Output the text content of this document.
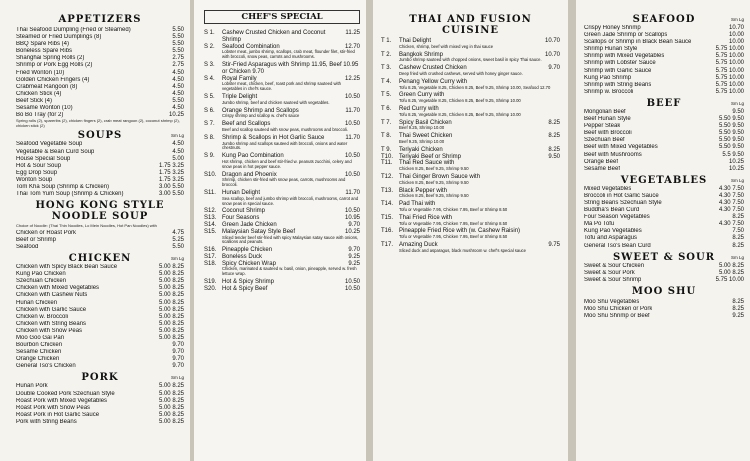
APPETIZERS
Thai Seafood Dumpling (Fried or Steamed)	5.50
Steamed or Fried Dumplings (8)	5.50
BBQ Spare Ribs (4)	5.50
Boneless Spare Ribs	5.50
Shanghai Spring Rolls (2)	2.75
Shrimp or Pork Egg Rolls (2)	2.75
Fried Wonton (10)	4.50
Golden Chicken Fingers (4)	4.50
Crabmeat Rangoon (8)	4.50
Chicken Stick (4)	4.50
Beef Stick (4)	5.50
Sesame Wonton (10)	4.50
Bo Bo Tray (for 2)	10.25
Spring rolls (2), spareribs (2), chicken fingers (2), crab meat rangoon (2), coconut shrimp (2), chicken stick (2)
SOUPS	Sm Lg
Seafood Vegetable Soup	4.50
Vegetable & Bean Curd Soup	4.50
House Special Soup	5.00
Hot & Sour Soup	1.75 3.25
Egg Drop Soup	1.75 3.25
Wonton Soup	1.75 3.25
Tom Kha Soup (Shrimp & Chicken)	3.00 5.50
Thai Tom Yum Soup (Shrimp & Chicken)	3.00 5.50
HONG KONG STYLE NOODLE SOUP
Choice of Noodle: (Thai Thin Noodles, Lo Mein Noodles, Hot Pan Noodles) with
Chicken or Roast Pork	4.75
Beef or Shrimp	5.25
Seafood	5.50
CHICKEN	Sm Lg
Chicken with Spicy Black Bean Sauce	5.00 8.25
Kung Pao Chicken	5.00 8.25
Szechuan Chicken	5.00 8.25
Chicken with Mixed Vegetables	5.00 8.25
Chicken with Cashew Nuts	5.00 8.25
Hunan Chicken	5.00 8.25
Chicken with Garlic Sauce	5.00 8.25
Chicken w. Broccoli	5.00 8.25
Chicken with String Beans	5.00 8.25
Chicken with Snow Peas	5.00 8.25
Moo Goo Gai Pan	5.00 8.25
Bourbon Chicken	9.70
Sesame Chicken	9.70
Orange Chicken	9.70
General Tso's Chicken	9.70
PORK	Sm Lg
Hunan Pork	5.00 8.25
Double Cooked Pork Szechuan Style	5.00 8.25
Roast Pork with Mixed Vegetables	5.00 8.25
Roast Pork with Snow Peas	5.00 8.25
Roast Pork in Hot Garlic Sauce	5.00 8.25
Pork with String Beans	5.00 8.25
CHEF'S SPECIAL
S 1.	Cashew Crusted Chicken and Coconut Shrimp
11.25
S 2.	Seafood Combination	12.70
Lobster meat, jumbo shrimp, scallops, crab meat, flounder filet, stir-fried with broccoli, snow peas, carrots and mushrooms.
S 3.	Stir-Fried Asparagus with Shrimp 11.95, Beef 10.95 or Chicken 9.70
S 4.	Royal Family	12.25
Lobster meat, chicken, beef, roast pork and shrimp sauteed with vegetables in chef's sauce.
S 5.	Triple Delight	10.50
Jumbo shrimp, beef and chicken sauteed with vegetables.
S 6.	Orange Shrimp and Scallops	11.70
Crispy shrimp and scallop w. chef's sauce
S 7.	Beef and Scallops	10.50
Beef and scallop sauteed with snow peas, mushrooms and broccoli.
S 8.	Shrimp & Scallops in Hot Garlic Sauce	11.70
Jumbo shrimp and scallops sauteed with broccoli, onions and water chestnuts.
S 9.	Kung Pao Combination	10.50
Hot shrimp, chicken and beef stir-fried w. peanuts zucchini, celery and snow peas in hot pepper sauce.
S10. Dragon and Phoenix	10.50
Shrimp, chicken stir-fried with snow peas, carrots, mushrooms and broccoli.
S11.	Hunan Delight	11.70
Sea scallop, beef and jumbo shrimp with broccoli, mushrooms, carrot and snow peas in special sauce.
S12. Coconut Shrimp	10.50
S13. Four Seasons	10.95
S14. Green Jade Chicken	9.70
S15. Malaysian Satay Style Beef	10.25
Sliced tender beef stir-fried with spicy Malaysian satay sauce with onions, scallions and peanuts.
S16. Pineapple Chicken	9.70
S17. Boneless Duck	9.25
S18. Spicy Chicken Wrap	9.25
Chicken, marinated & sauteed w. basil, onion, pineapple, served w. fresh lettuce wrap.
S19. Hot & Spicy Shrimp	10.50
S20. Hot & Spicy Beef	10.50
THAI AND FUSION CUISINE
T 1.	Thai Delight	10.70
Chicken, shrimp, beef with mixed veg in thai sauce
T 2.	Bangkok Shrimp	10.70
Jumbo shrimp sauteed with chopped onions, sweet basil in spicy Thai sauce.
T 3.	Cashew Crusted Chicken	9.70
Deep fried with crushed cashews, served with honey ginger sauce.
T 4.	Penang Yellow Curry with
Tofu 8.25, Vegetable 8.25, Chicken 8.25, Beef 9.25, Shrimp 10.00, Seafood 12.70
T 5.	Green Curry with
Tofu 8.25, Vegetable 8.25, Chicken 8.25, Beef 9.25, Shrimp 10.00
T 6.	Red Curry with
Tofu 8.25, Vegetable 8.25, Chicken 8.25, Beef 9.25, Shrimp 10.00
T 7.	Spicy Basil Chicken	8.25
Beef 9.25, Shrimp 10.00
T 8.	Thai Sweet Chicken	8.25
Beef 9.25, Shrimp 10.00
T 9.	Teriyaki Chicken	8.25
T10. Teriyaki Beef or Shrimp	9.50
T11.	Thai Red Sauce with
Chicken 8.25, Beef 9.25, Shrimp 9.50
T12. Thai Ginger Brown Sauce with
Chicken 8.25, Beef 9.25, Shrimp 9.50
T13. Black Pepper with
Chicken 8.25, Beef 9.25, Shrimp 9.50
T14. Pad Thai with
Tofu or Vegetable 7.95, Chicken 7.95, Beef or Shrimp 8.50
T15. Thai Fried Rice with
Tofu or Vegetable 7.95, Chicken 7.95, Beef or Shrimp 8.50
T16. Pineapple Fried Rice with (w. Cashew Raisin)
Tofu or Vegetable 7.95, Chicken 7.95, Beef or Shrimp 8.50
T17. Amazing Duck	9.75
Sliced duck and asparagus, black mushroom w. chef's special sauce
SEAFOOD	Sm Lg
Crispy Honey Shrimp	10.70
Green Jade Shrimp or Scallops	10.00
Scallops or Shrimp in Black Bean Sauce	10.00
Shrimp Hunan Style	5.75 10.00
Shrimp with Mixed Vegetables	5.75 10.00
Shrimp with Lobster Sauce	5.75 10.00
Shrimp with Garlic Sauce	5.75 10.00
Kung Pao Shrimp	5.75 10.00
Shrimp with String Beans	5.75 10.00
Shrimp w. Broccoli	5.75 10.00
BEEF	Sm Lg
Mongolian Beef	9.50
Beef Hunan Style	5.50 9.50
Pepper Steak	5.50 9.50
Beef with Broccoli	5.50 9.50
Szechuan Beef	5.50 9.50
Beef with Mixed Vegetables	5.50 9.50
Beef with Mushrooms	5.5 9.50
Orange Beef	10.25
Sesame Beef	10.25
VEGETABLES	Sm Lg
Mixed Vegetables	4.30 7.50
Broccoli in Hot Garlic Sauce	4.30 7.50
String Beans Szechuan Style	4.30 7.50
Buddha's Bean Curd	4.30 7.50
Four Season Vegetables	8.25
Ma Po Tofu	4.30 7.50
Kung Pao Vegetables	7.50
Tofu and Asparagus	8.25
General Tso's Bean Curd	8.25
SWEET & SOUR	Sm Lg
Sweet & Sour Chicken	5.00 8.25
Sweet & Sour Pork	5.00 8.25
Sweet & Sour Shrimp	5.75 10.00
MOO SHU
Moo Shu Vegetables	8.25
Moo Shu Chicken or Pork	8.25
Moo Shu Shrimp or Beef	9.25
